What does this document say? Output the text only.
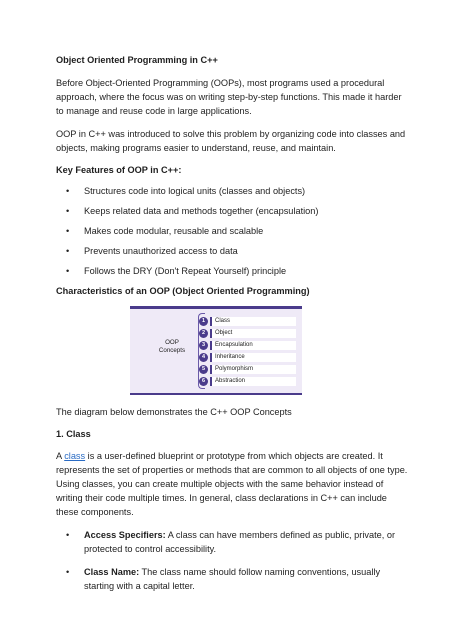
Object Oriented Programming in C++

Before Object-Oriented Programming (OOPs), most programs used a procedural approach, where the focus was on writing step-by-step functions. This made it harder to manage and reuse code in large applications.

OOP in C++ was introduced to solve this problem by organizing code into classes and objects, making programs easier to understand, reuse, and maintain.

Key Features of OOP in C++:
• Structures code into logical units (classes and objects)
• Keeps related data and methods together (encapsulation)
• Makes code modular, reusable and scalable
• Prevents unauthorized access to data
• Follows the DRY (Don't Repeat Yourself) principle
Characteristics of an OOP (Object Oriented Programming)
OOP
Concepts
1	Class
2	Object
3	Encapsulation
4	Inheritance
5	Polymorphism
6	Abstraction

The diagram below demonstrates the C++ OOP Concepts

1. Class

A class is a user-defined blueprint or prototype from which objects are created. It represents the set of properties or methods that are common to all objects of one type. Using classes, you can create multiple objects with the same behavior instead of writing their code multiple times. In general, class declarations in C++ can include these components.

• Access Specifiers: A class can have members defined as public, private, or protected to control accessibility.
• Class Name: The class name should follow naming conventions, usually starting with a capital letter.
